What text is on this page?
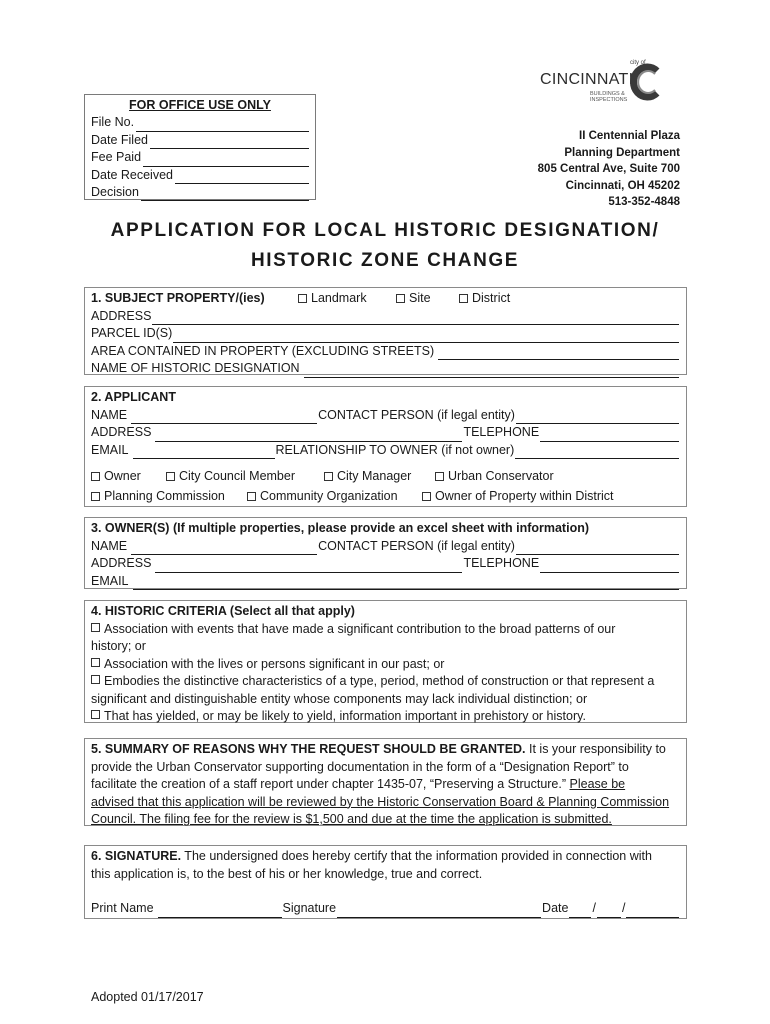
FOR OFFICE USE ONLY
File No.
Date Filed
Fee Paid
Date Received
Decision
city of
CINCINNATI
BUILDINGS &
INSPECTIONS
II Centennial Plaza
Planning Department
805 Central Ave, Suite 700
Cincinnati, OH 45202
513-352-4848
APPLICATION FOR LOCAL HISTORIC DESIGNATION/
HISTORIC ZONE CHANGE
1. SUBJECT PROPERTY/(ies)	Landmark	Site	District
ADDRESS
PARCEL ID(S)
AREA CONTAINED IN PROPERTY (EXCLUDING STREETS)
NAME OF HISTORIC DESIGNATION
2. APPLICANT
NAME	CONTACT PERSON (if legal entity)
ADDRESS	TELEPHONE
EMAIL	RELATIONSHIP TO OWNER (if not owner)
Owner	City Council Member	City Manager	Urban Conservator
Planning Commission	Community Organization	Owner of Property within District
3. OWNER(S) (If multiple properties, please provide an excel sheet with information)
NAME	CONTACT PERSON (if legal entity)
ADDRESS	TELEPHONE
EMAIL
4. HISTORIC CRITERIA (Select all that apply)
Association with events that have made a significant contribution to the broad patterns of our
history; or
Association with the lives or persons significant in our past; or
Embodies the distinctive characteristics of a type, period, method of construction or that represent a
significant and distinguishable entity whose components may lack individual distinction; or
That has yielded, or may be likely to yield, information important in prehistory or history.
5. SUMMARY OF REASONS WHY THE REQUEST SHOULD BE GRANTED. It is your responsibility to
provide the Urban Conservator supporting documentation in the form of a “Designation Report” to
facilitate the creation of a staff report under chapter 1435-07, “Preserving a Structure.” Please be
advised that this application will be reviewed by the Historic Conservation Board & Planning Commission
Council. The filing fee for the review is $1,500 and due at the time the application is submitted.
6. SIGNATURE. The undersigned does hereby certify that the information provided in connection with
this application is, to the best of his or her knowledge, true and correct.
Print Name	Signature	Date / /
Adopted 01/17/2017
